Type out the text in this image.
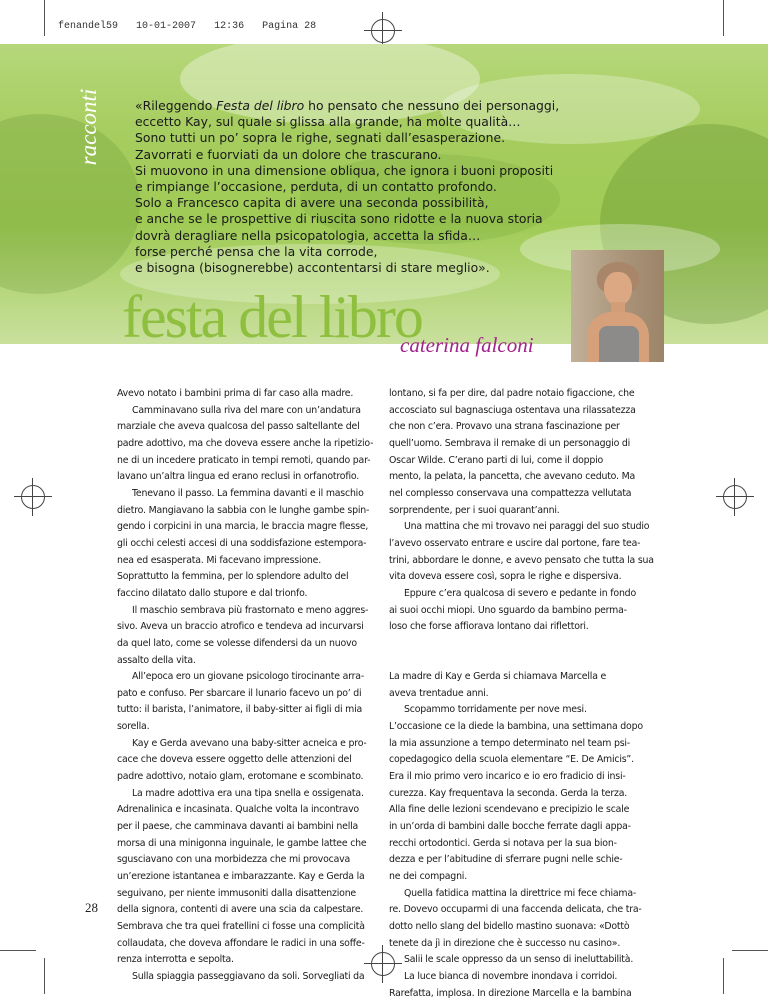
fenandel59 10-01-2007 12:36 Pagina 28
racconti	«Rileggendo Festa del libro ho pensato che nessuno dei personaggi,
eccetto Kay, sul quale si glissa alla grande, ha molte qualità…
Sono tutti un po’ sopra le righe, segnati dall’esasperazione.
Zavorrati e fuorviati da un dolore che trascurano.
Si muovono in una dimensione obliqua, che ignora i buoni propositi
e rimpiange l’occasione, perduta, di un contatto profondo.
Solo a Francesco capita di avere una seconda possibilità,
e anche se le prospettive di riuscita sono ridotte e la nuova storia
dovrà deragliare nella psicopatologia, accetta la sfida…
forse perché pensa che la vita corrode,
e bisogna (bisognerebbe) accontentarsi di stare meglio».
festa del libro
caterina falconi
Avevo notato i bambini prima di far caso alla madre.
Camminavano sulla riva del mare con un’andatura
marziale che aveva qualcosa del passo saltellante del
padre adottivo, ma che doveva essere anche la ripetizio-
ne di un incedere praticato in tempi remoti, quando par-
lavano un’altra lingua ed erano reclusi in orfanotrofio.
Tenevano il passo. La femmina davanti e il maschio
dietro. Mangiavano la sabbia con le lunghe gambe spin-
gendo i corpicini in una marcia, le braccia magre flesse,
gli occhi celesti accesi di una soddisfazione estempora-
nea ed esasperata. Mi facevano impressione.
Soprattutto la femmina, per lo splendore adulto del
faccino dilatato dallo stupore e dal trionfo.
Il maschio sembrava più frastornato e meno aggres-
sivo. Aveva un braccio atrofico e tendeva ad incurvarsi
da quel lato, come se volesse difendersi da un nuovo
assalto della vita.
All’epoca ero un giovane psicologo tirocinante arra-
pato e confuso. Per sbarcare il lunario facevo un po’ di
tutto: il barista, l’animatore, il baby-sitter ai figli di mia
sorella.
Kay e Gerda avevano una baby-sitter acneica e pro-
cace che doveva essere oggetto delle attenzioni del
padre adottivo, notaio glam, erotomane e scombinato.
La madre adottiva era una tipa snella e ossigenata.
Adrenalinica e incasinata. Qualche volta la incontravo
per il paese, che camminava davanti ai bambini nella
morsa di una minigonna inguinale, le gambe lattee che
sgusciavano con una morbidezza che mi provocava
un’erezione istantanea e imbarazzante. Kay e Gerda la
seguivano, per niente immusoniti dalla disattenzione
della signora, contenti di avere una scia da calpestare.
Sembrava che tra quei fratellini ci fosse una complicità
collaudata, che doveva affondare le radici in una soffe-
renza interrotta e sepolta.
Sulla spiaggia passeggiavano da soli. Sorvegliati da
lontano, si fa per dire, dal padre notaio figaccione, che
accosciato sul bagnasciuga ostentava una rilassatezza
che non c’era. Provavo una strana fascinazione per
quell’uomo. Sembrava il remake di un personaggio di
Oscar Wilde. C’erano parti di lui, come il doppio
mento, la pelata, la pancetta, che avevano ceduto. Ma
nel complesso conservava una compattezza vellutata
sorprendente, per i suoi quarant’anni.
Una mattina che mi trovavo nei paraggi del suo studio
l’avevo osservato entrare e uscire dal portone, fare tea-
trini, abbordare le donne, e avevo pensato che tutta la sua
vita doveva essere così, sopra le righe e dispersiva.
Eppure c’era qualcosa di severo e pedante in fondo
ai suoi occhi miopi. Uno sguardo da bambino perma-
loso che forse affiorava lontano dai riflettori.
La madre di Kay e Gerda si chiamava Marcella e
aveva trentadue anni.
Scopammo torridamente per nove mesi.
L’occasione ce la diede la bambina, una settimana dopo
la mia assunzione a tempo determinato nel team psi-
copedagogico della scuola elementare “E. De Amicis”.
Era il mio primo vero incarico e io ero fradicio di insi-
curezza. Kay frequentava la seconda. Gerda la terza.
Alla fine delle lezioni scendevano e precipizio le scale
in un’orda di bambini dalle bocche ferrate dagli appa-
recchi ortodontici. Gerda si notava per la sua bion-
dezza e per l’abitudine di sferrare pugni nelle schie-
ne dei compagni.
Quella fatidica mattina la direttrice mi fece chiama-
re. Dovevo occuparmi di una faccenda delicata, che tra-
dotto nello slang del bidello mastino suonava: «Dottò
tenete da jì in direzione che è successo nu casino».
Salii le scale oppresso da un senso di ineluttabilità.
La luce bianca di novembre inondava i corridoi.
Rarefatta, implosa. In direzione Marcella e la bambina
28
